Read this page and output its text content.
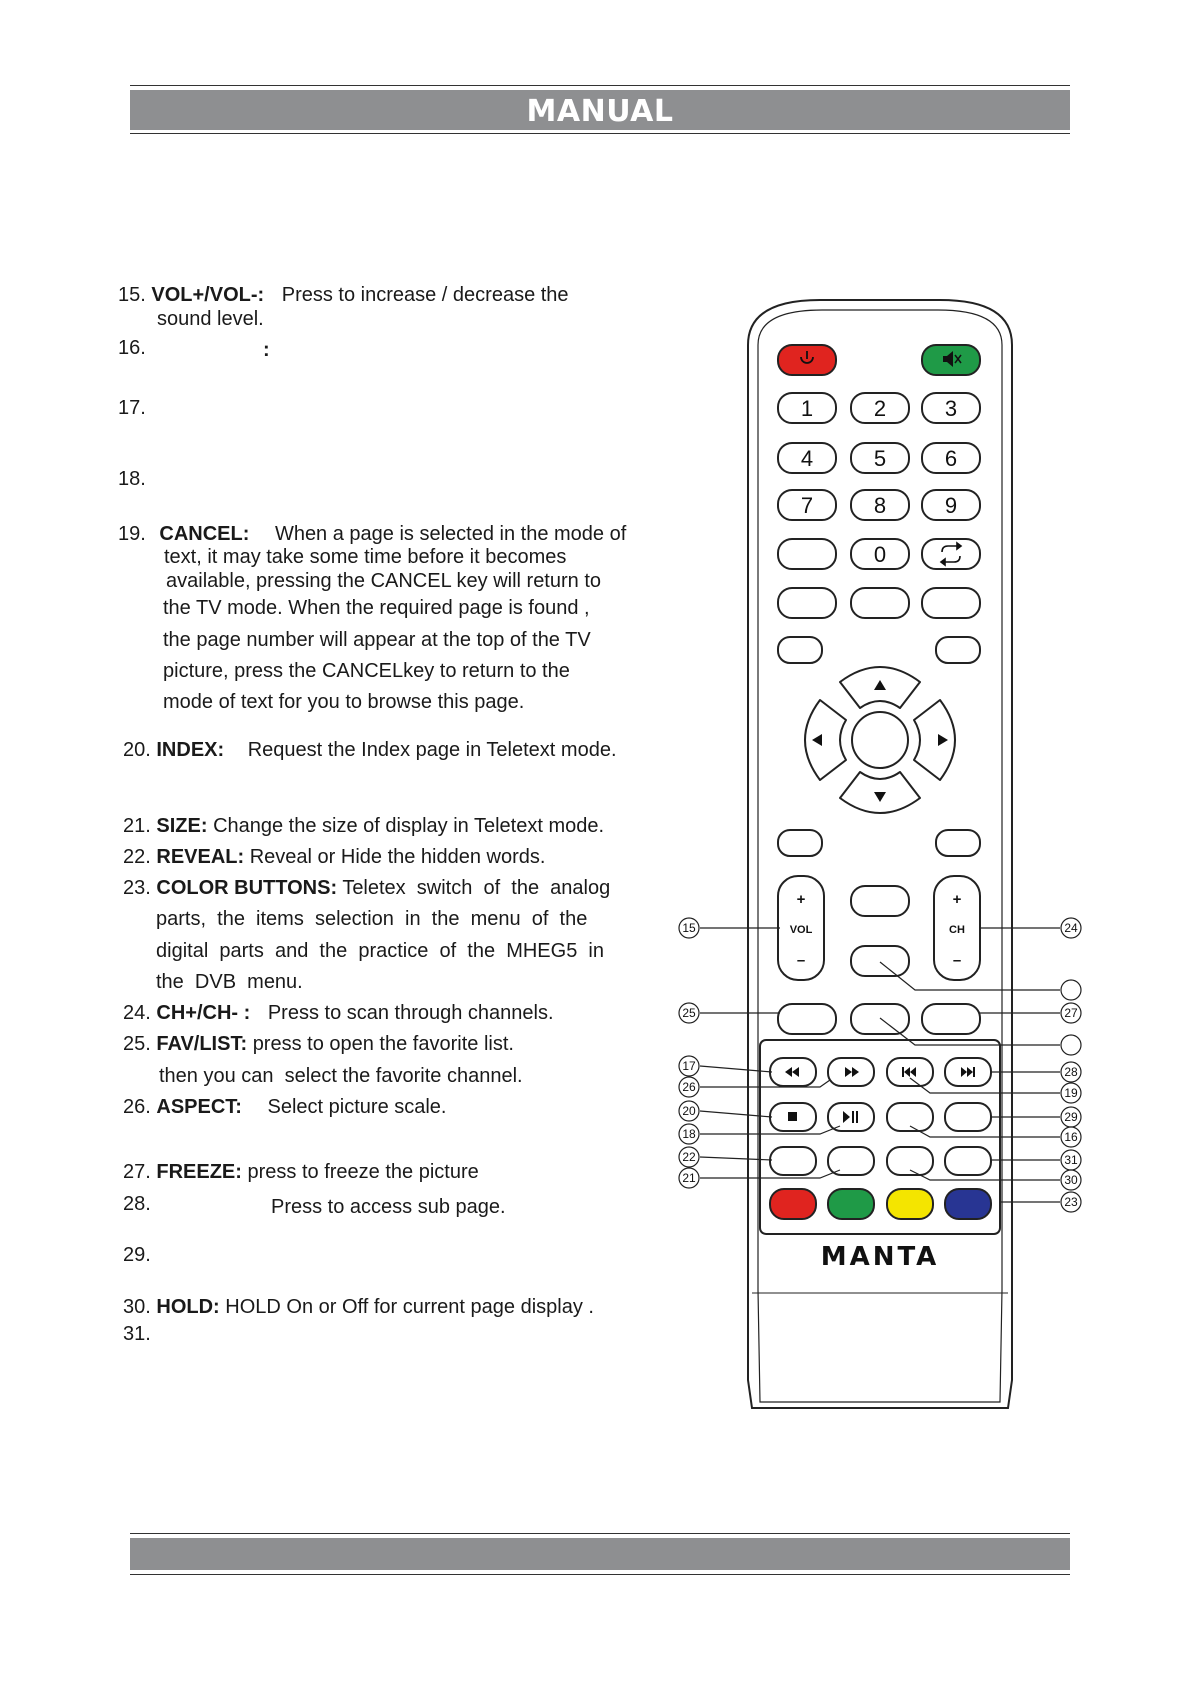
MANUAL
15. VOL+/VOL-: Press to increase / decrease the
sound level.
16.	:
17.
18.
19. CANCEL: When a page is selected in the mode of
text, it may take some time before it becomes
available, pressing the CANCEL key will return to
the TV mode. When the required page is found ,
the page number will appear at the top of the TV
picture, press the CANCELkey to return to the
mode of text for you to browse this page.
20. INDEX: Request the Index page in Teletext mode.
21. SIZE: Change the size of display in Teletext mode.
22. REVEAL: Reveal or Hide the hidden words.
23. COLOR BUTTONS: Teletex  switch  of  the  analog
parts,  the  items  selection  in  the  menu  of  the
digital  parts  and  the  practice  of  the  MHEG5  in
the  DVB  menu.
24. CH+/CH- : Press to scan through channels.
25. FAV/LIST: press to open the favorite list.
then you can  select the favorite channel.
26. ASPECT: Select picture scale.
27. FREEZE: press to freeze the picture
28.	Press to access sub page.
29.
30. HOLD: HOLD On or Off for current page display .
31.
1	2	3
4	5	6
7	8	9
0
+
VOL
–
+
CH
–
MANTA
15	24
25	27
17	28
26	19
20	29
18	16
22	31
21	30
23
